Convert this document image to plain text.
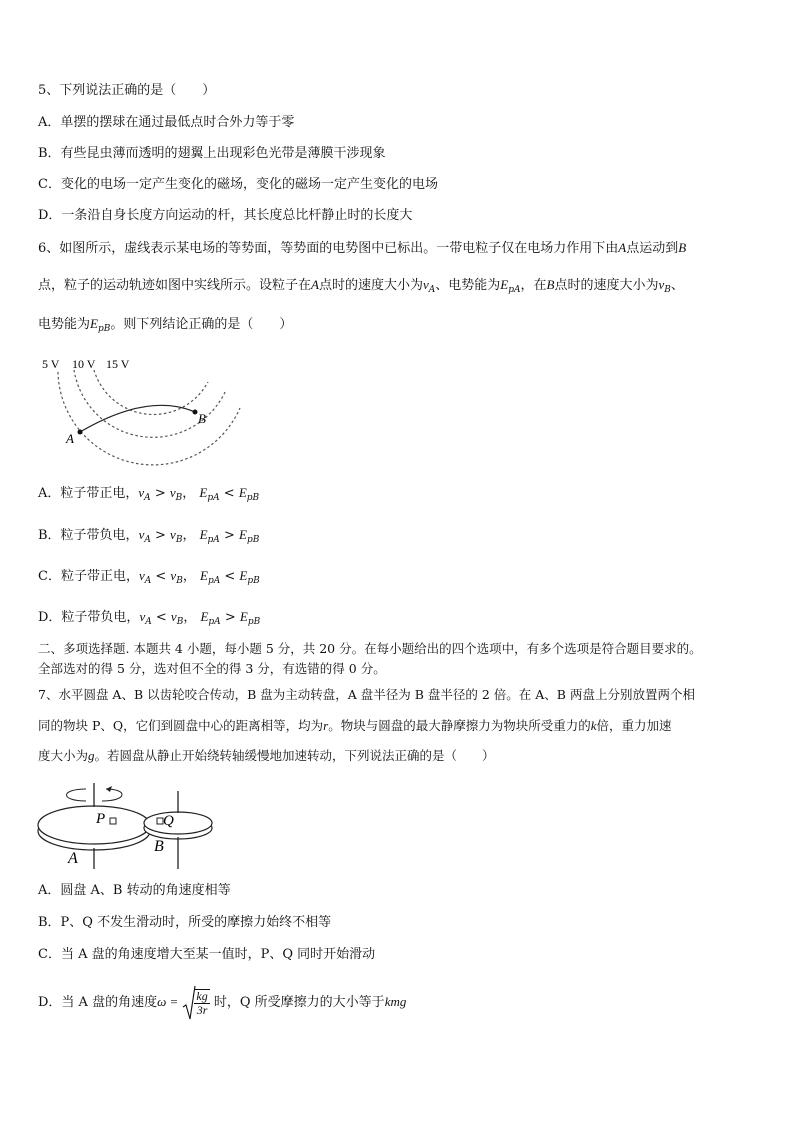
5、下列说法正确的是（　　）
A．单摆的摆球在通过最低点时合外力等于零
B．有些昆虫薄而透明的翅翼上出现彩色光带是薄膜干涉现象
C．变化的电场一定产生变化的磁场，变化的磁场一定产生变化的电场
D．一条沿自身长度方向运动的杆，其长度总比杆静止时的长度大
6、如图所示，虚线表示某电场的等势面，等势面的电势图中已标出。一带电粒子仅在电场力作用下由A点运动到B
点，粒子的运动轨迹如图中实线所示。设粒子在A点时的速度大小为$v_A$、电势能为$E_{pA}$，在B点时的速度大小为$v_B$、
电势能为$E_{pB}$。则下列结论正确的是（　　）
5 V 10 V 15 V
A
B
A．粒子带正电，$v_A > v_B$， $E_{pA} < E_{pB}$
B．粒子带负电，$v_A > v_B$， $E_{pA} > E_{pB}$
C．粒子带正电，$v_A < v_B$， $E_{pA} < E_{pB}$
D．粒子带负电，$v_A < v_B$， $E_{pA} > E_{pB}$
二、多项选择题. 本题共 4 小题，每小题 5 分，共 20 分。在每小题给出的四个选项中，有多个选项是符合题目要求的。
全部选对的得 5 分，选对但不全的得 3 分，有选错的得 0 分。
7、水平圆盘 A、B 以齿轮咬合传动，B 盘为主动转盘，A 盘半径为 B 盘半径的 2 倍。在 A、B 两盘上分别放置两个相
同的物块 P、Q，它们到圆盘中心的距离相等，均为r。物块与圆盘的最大静摩擦力为物块所受重力的k倍，重力加速
度大小为g。若圆盘从静止开始绕转轴缓慢地加速转动，下列说法正确的是（　　）
P	Q
A
B
A．圆盘 A、B 转动的角速度相等
B．P、Q 不发生滑动时，所受的摩擦力始终不相等
C．当 A 盘的角速度增大至某一值时，P、Q 同时开始滑动
D．当 A 盘的角速度$\omega = \frac{kg}{3r}$ 时，Q 所受摩擦力的大小等于kmg
